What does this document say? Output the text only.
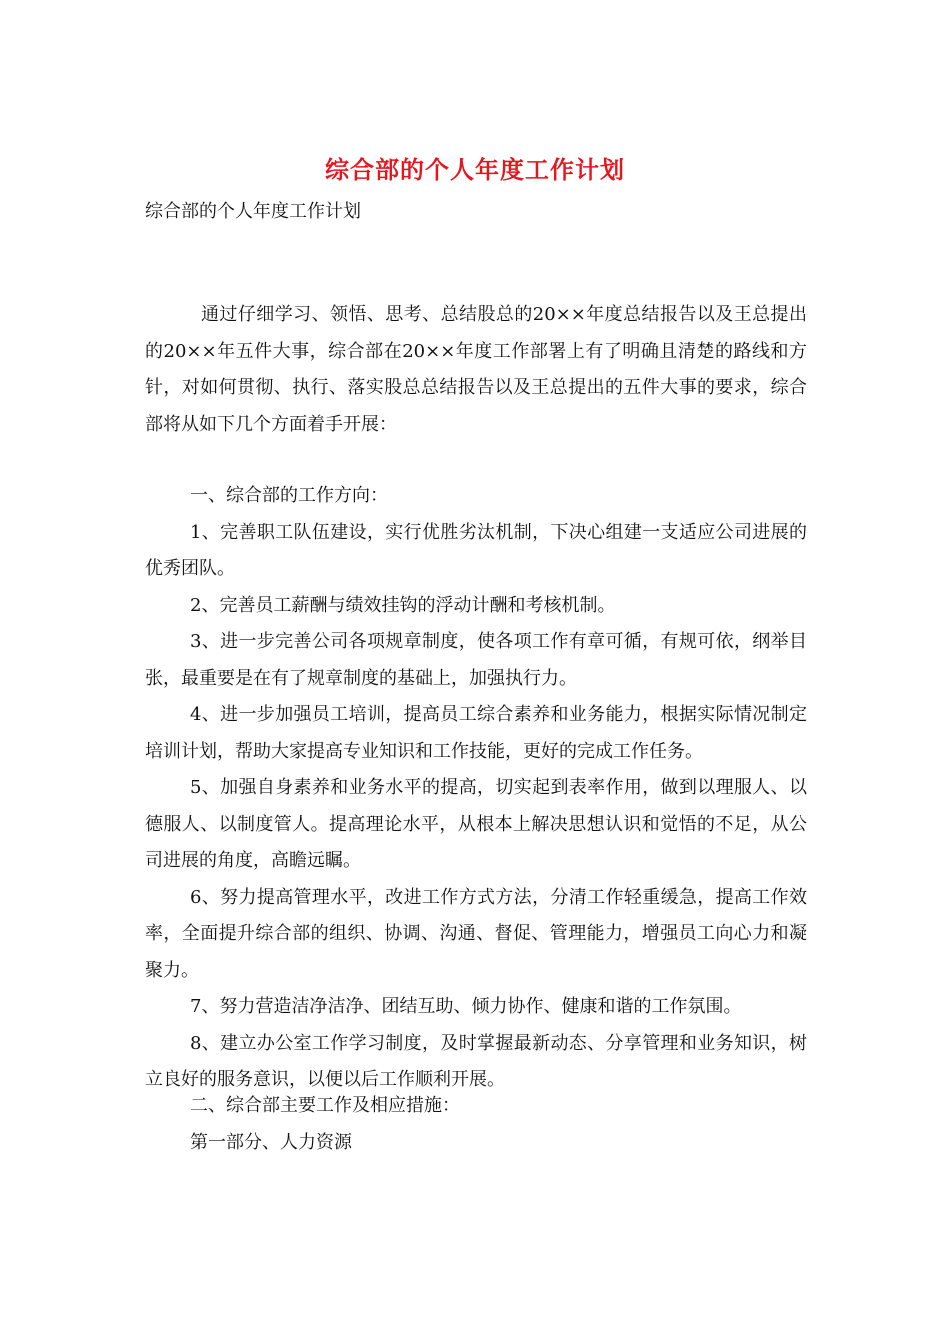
综合部的个人年度工作计划
综合部的个人年度工作计划

通过仔细学习、领悟、思考、总结股总的20××年度总结报告以及王总提出的20××年五件大事，综合部在20××年度工作部署上有了明确且清楚的路线和方针，对如何贯彻、执行、落实股总总结报告以及王总提出的五件大事的要求，综合部将从如下几个方面着手开展：

一、综合部的工作方向：

1、完善职工队伍建设，实行优胜劣汰机制，下决心组建一支适应公司进展的优秀团队。

2、完善员工薪酬与绩效挂钩的浮动计酬和考核机制。

3、进一步完善公司各项规章制度，使各项工作有章可循，有规可依，纲举目张，最重要是在有了规章制度的基础上，加强执行力。

4、进一步加强员工培训，提高员工综合素养和业务能力，根据实际情况制定培训计划，帮助大家提高专业知识和工作技能，更好的完成工作任务。

5、加强自身素养和业务水平的提高，切实起到表率作用，做到以理服人、以德服人、以制度管人。提高理论水平，从根本上解决思想认识和觉悟的不足，从公司进展的角度，高瞻远瞩。

6、努力提高管理水平，改进工作方式方法，分清工作轻重缓急，提高工作效率，全面提升综合部的组织、协调、沟通、督促、管理能力，增强员工向心力和凝聚力。

7、努力营造洁净洁净、团结互助、倾力协作、健康和谐的工作氛围。

8、建立办公室工作学习制度，及时掌握最新动态、分享管理和业务知识，树立良好的服务意识，以便以后工作顺利开展。

二、综合部主要工作及相应措施：

第一部分、人力资源
